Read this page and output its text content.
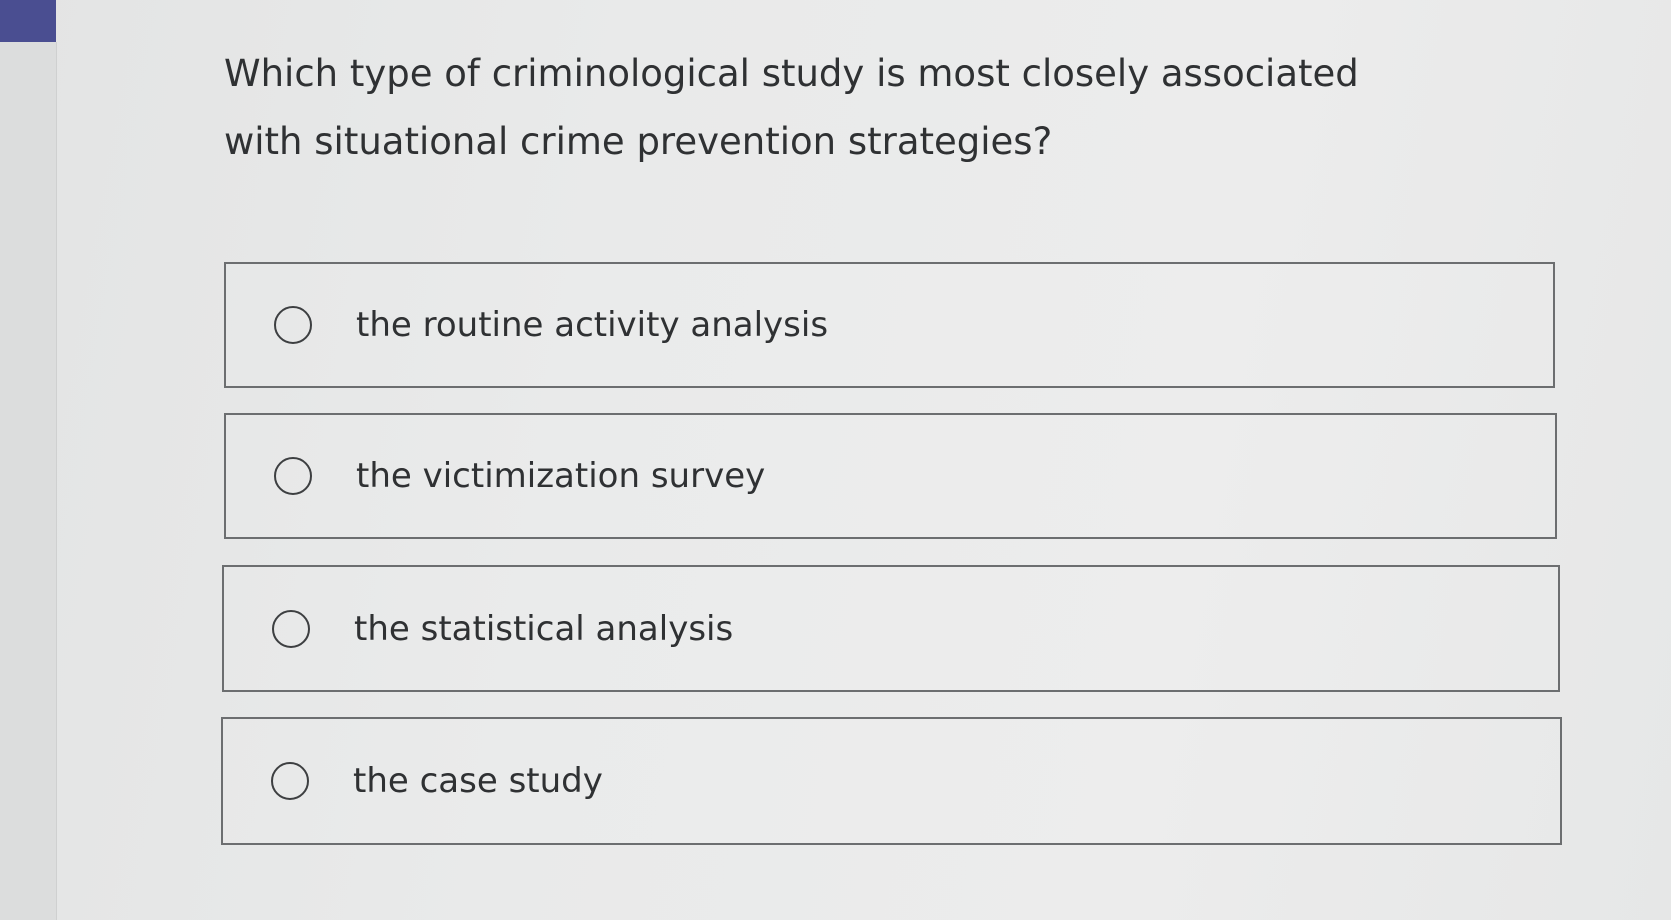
Which type of criminological study is most closely associated with situational crime prevention strategies?

the routine activity analysis
the victimization survey
the statistical analysis
the case study
